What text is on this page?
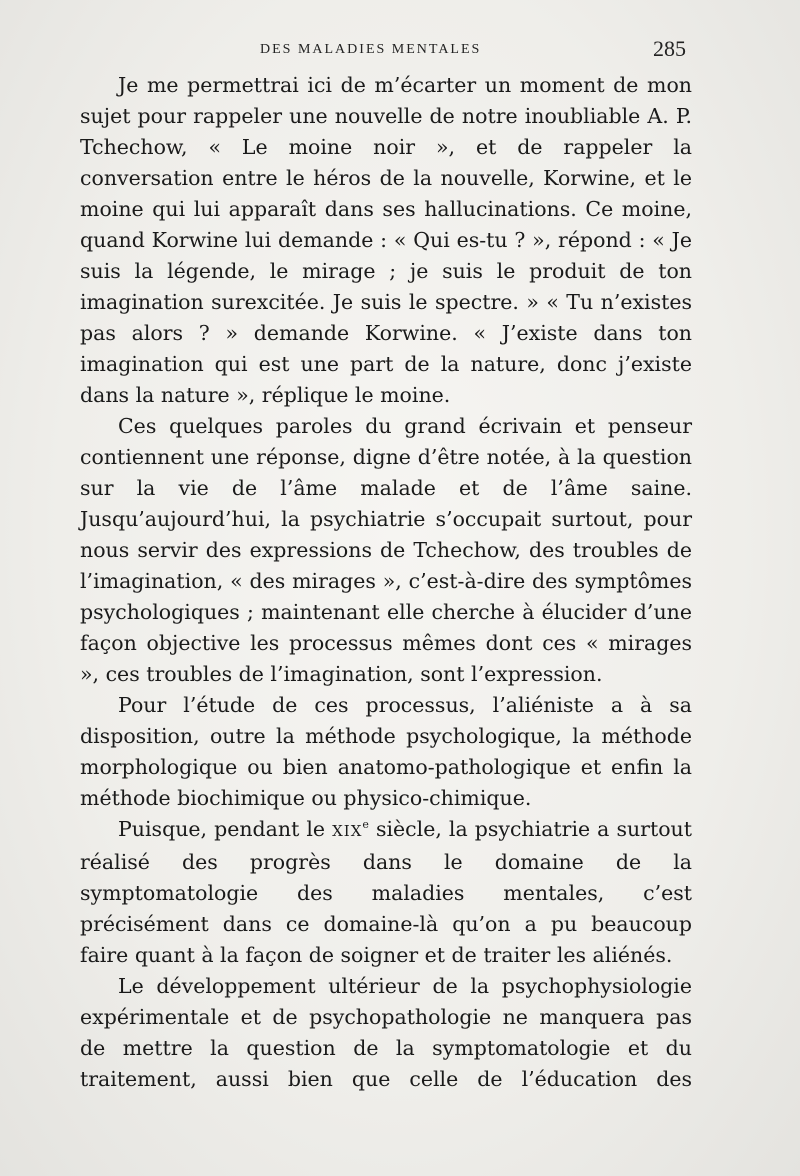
DES MALADIES MENTALES	285

Je me permettrai ici de m’écarter un moment de mon sujet pour rappeler une nouvelle de notre inoubliable A. P. Tchechow, « Le moine noir », et de rappeler la conversation entre le héros de la nouvelle, Korwine, et le moine qui lui apparaît dans ses hallucinations. Ce moine, quand Korwine lui demande : « Qui es-tu ? », répond : « Je suis la légende, le mirage ; je suis le produit de ton imagination surexcitée. Je suis le spectre. » « Tu n’existes pas alors ? » demande Korwine. « J’existe dans ton imagination qui est une part de la nature, donc j’existe dans la nature », réplique le moine.

Ces quelques paroles du grand écrivain et penseur contiennent une réponse, digne d’être notée, à la question sur la vie de l’âme malade et de l’âme saine. Jusqu’aujourd’hui, la psychiatrie s’occupait surtout, pour nous servir des expressions de Tchechow, des troubles de l’imagination, « des mirages », c’est-à-dire des symptômes psychologiques ; maintenant elle cherche à élucider d’une façon objective les processus mêmes dont ces « mirages », ces troubles de l’imagination, sont l’expression.

Pour l’étude de ces processus, l’aliéniste a à sa disposition, outre la méthode psychologique, la méthode morphologique ou bien anatomo-pathologique et enfin la méthode biochimique ou physico-chimique.

Puisque, pendant le XIXe siècle, la psychiatrie a surtout réalisé des progrès dans le domaine de la symptomatologie des maladies mentales, c’est précisément dans ce domaine-là qu’on a pu beaucoup faire quant à la façon de soigner et de traiter les aliénés.

Le développement ultérieur de la psychophysiologie expérimentale et de psychopathologie ne manquera pas de mettre la question de la symptomatologie et du traitement, aussi bien que celle de l’éducation des
